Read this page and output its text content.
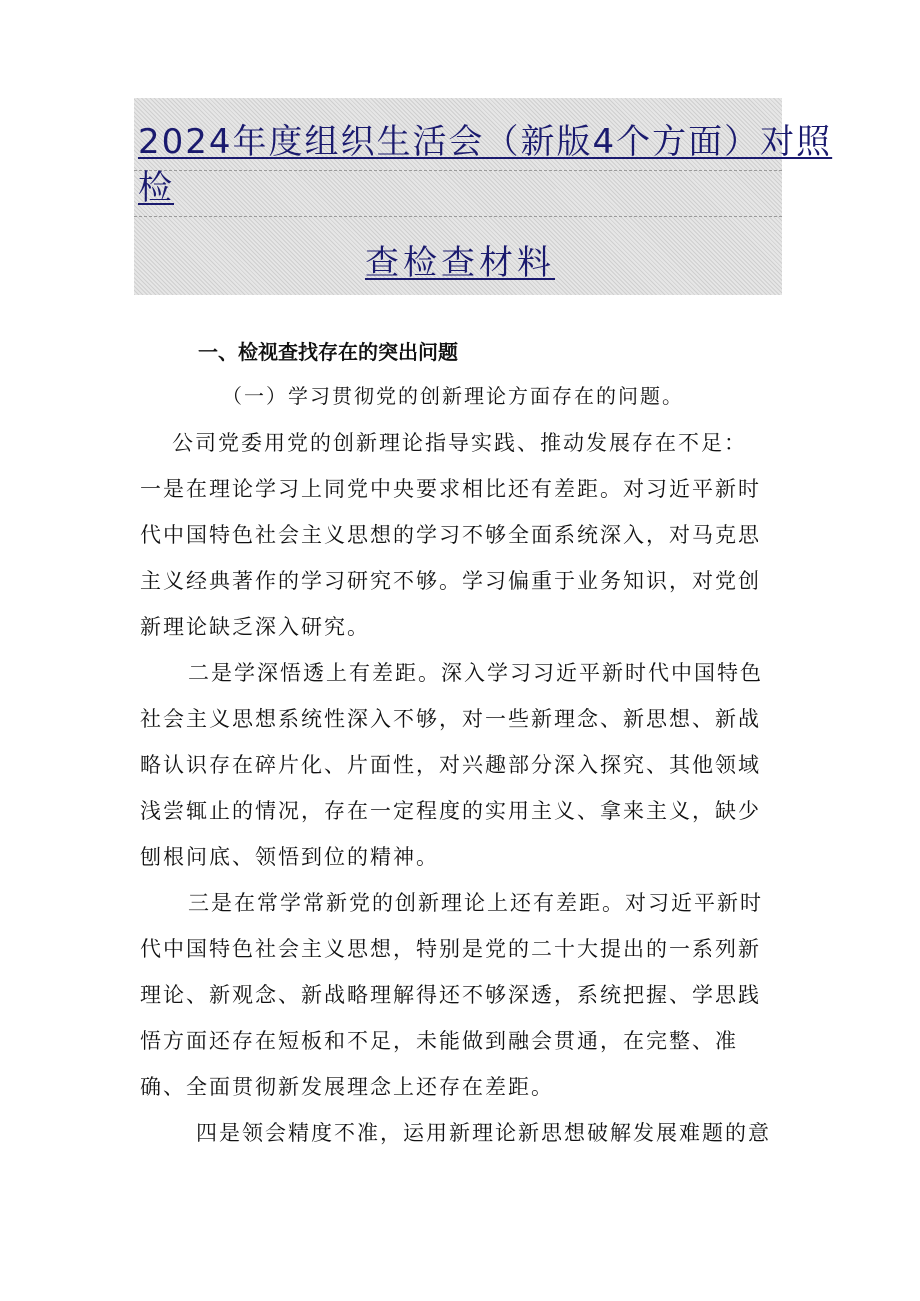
2024年度组织生活会（新版4个方面）对照
检
查检查材料
一、检视查找存在的突出问题
（一）学习贯彻党的创新理论方面存在的问题。
公司党委用党的创新理论指导实践、推动发展存在不足：
一是在理论学习上同党中央要求相比还有差距。对习近平新时
代中国特色社会主义思想的学习不够全面系统深入，对马克思
主义经典著作的学习研究不够。学习偏重于业务知识，对党创
新理论缺乏深入研究。
二是学深悟透上有差距。深入学习习近平新时代中国特色
社会主义思想系统性深入不够，对一些新理念、新思想、新战
略认识存在碎片化、片面性，对兴趣部分深入探究、其他领域
浅尝辄止的情况，存在一定程度的实用主义、拿来主义，缺少
刨根问底、领悟到位的精神。
三是在常学常新党的创新理论上还有差距。对习近平新时
代中国特色社会主义思想，特别是党的二十大提出的一系列新
理论、新观念、新战略理解得还不够深透，系统把握、学思践
悟方面还存在短板和不足，未能做到融会贯通，在完整、准
确、全面贯彻新发展理念上还存在差距。
四是领会精度不准，运用新理论新思想破解发展难题的意
